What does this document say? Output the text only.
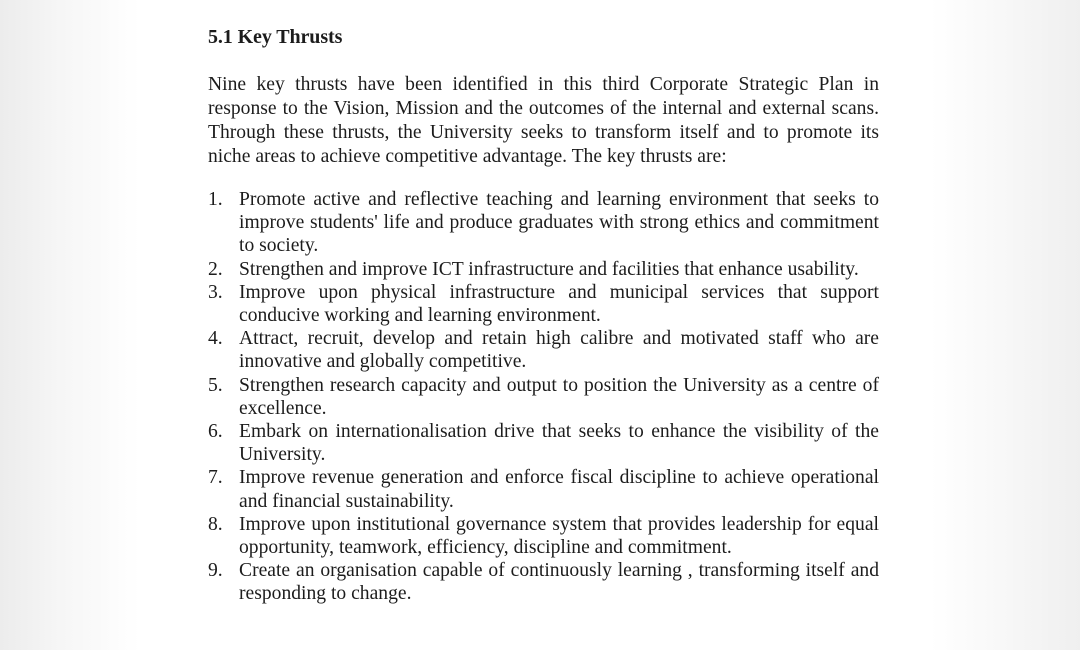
5.1 Key Thrusts

Nine key thrusts have been identified in this third Corporate Strategic Plan in response to the Vision, Mission and the outcomes of the internal and external scans. Through these thrusts, the University seeks to transform itself and to promote its niche areas to achieve competitive advantage. The key thrusts are:

1. Promote active and reflective teaching and learning environment that seeks to improve students' life and produce graduates with strong ethics and commitment to society.
2. Strengthen and improve ICT infrastructure and facilities that enhance usability.
3. Improve upon physical infrastructure and municipal services that support conducive working and learning environment.
4. Attract, recruit, develop and retain high calibre and motivated staff who are innovative and globally competitive.
5. Strengthen research capacity and output to position the University as a centre of excellence.
6. Embark on internationalisation drive that seeks to enhance the visibility of the University.
7. Improve revenue generation and enforce fiscal discipline to achieve operational and financial sustainability.
8. Improve upon institutional governance system that provides leadership for equal opportunity, teamwork, efficiency, discipline and commitment.
9. Create an organisation capable of continuously learning , transforming itself and responding to change.
